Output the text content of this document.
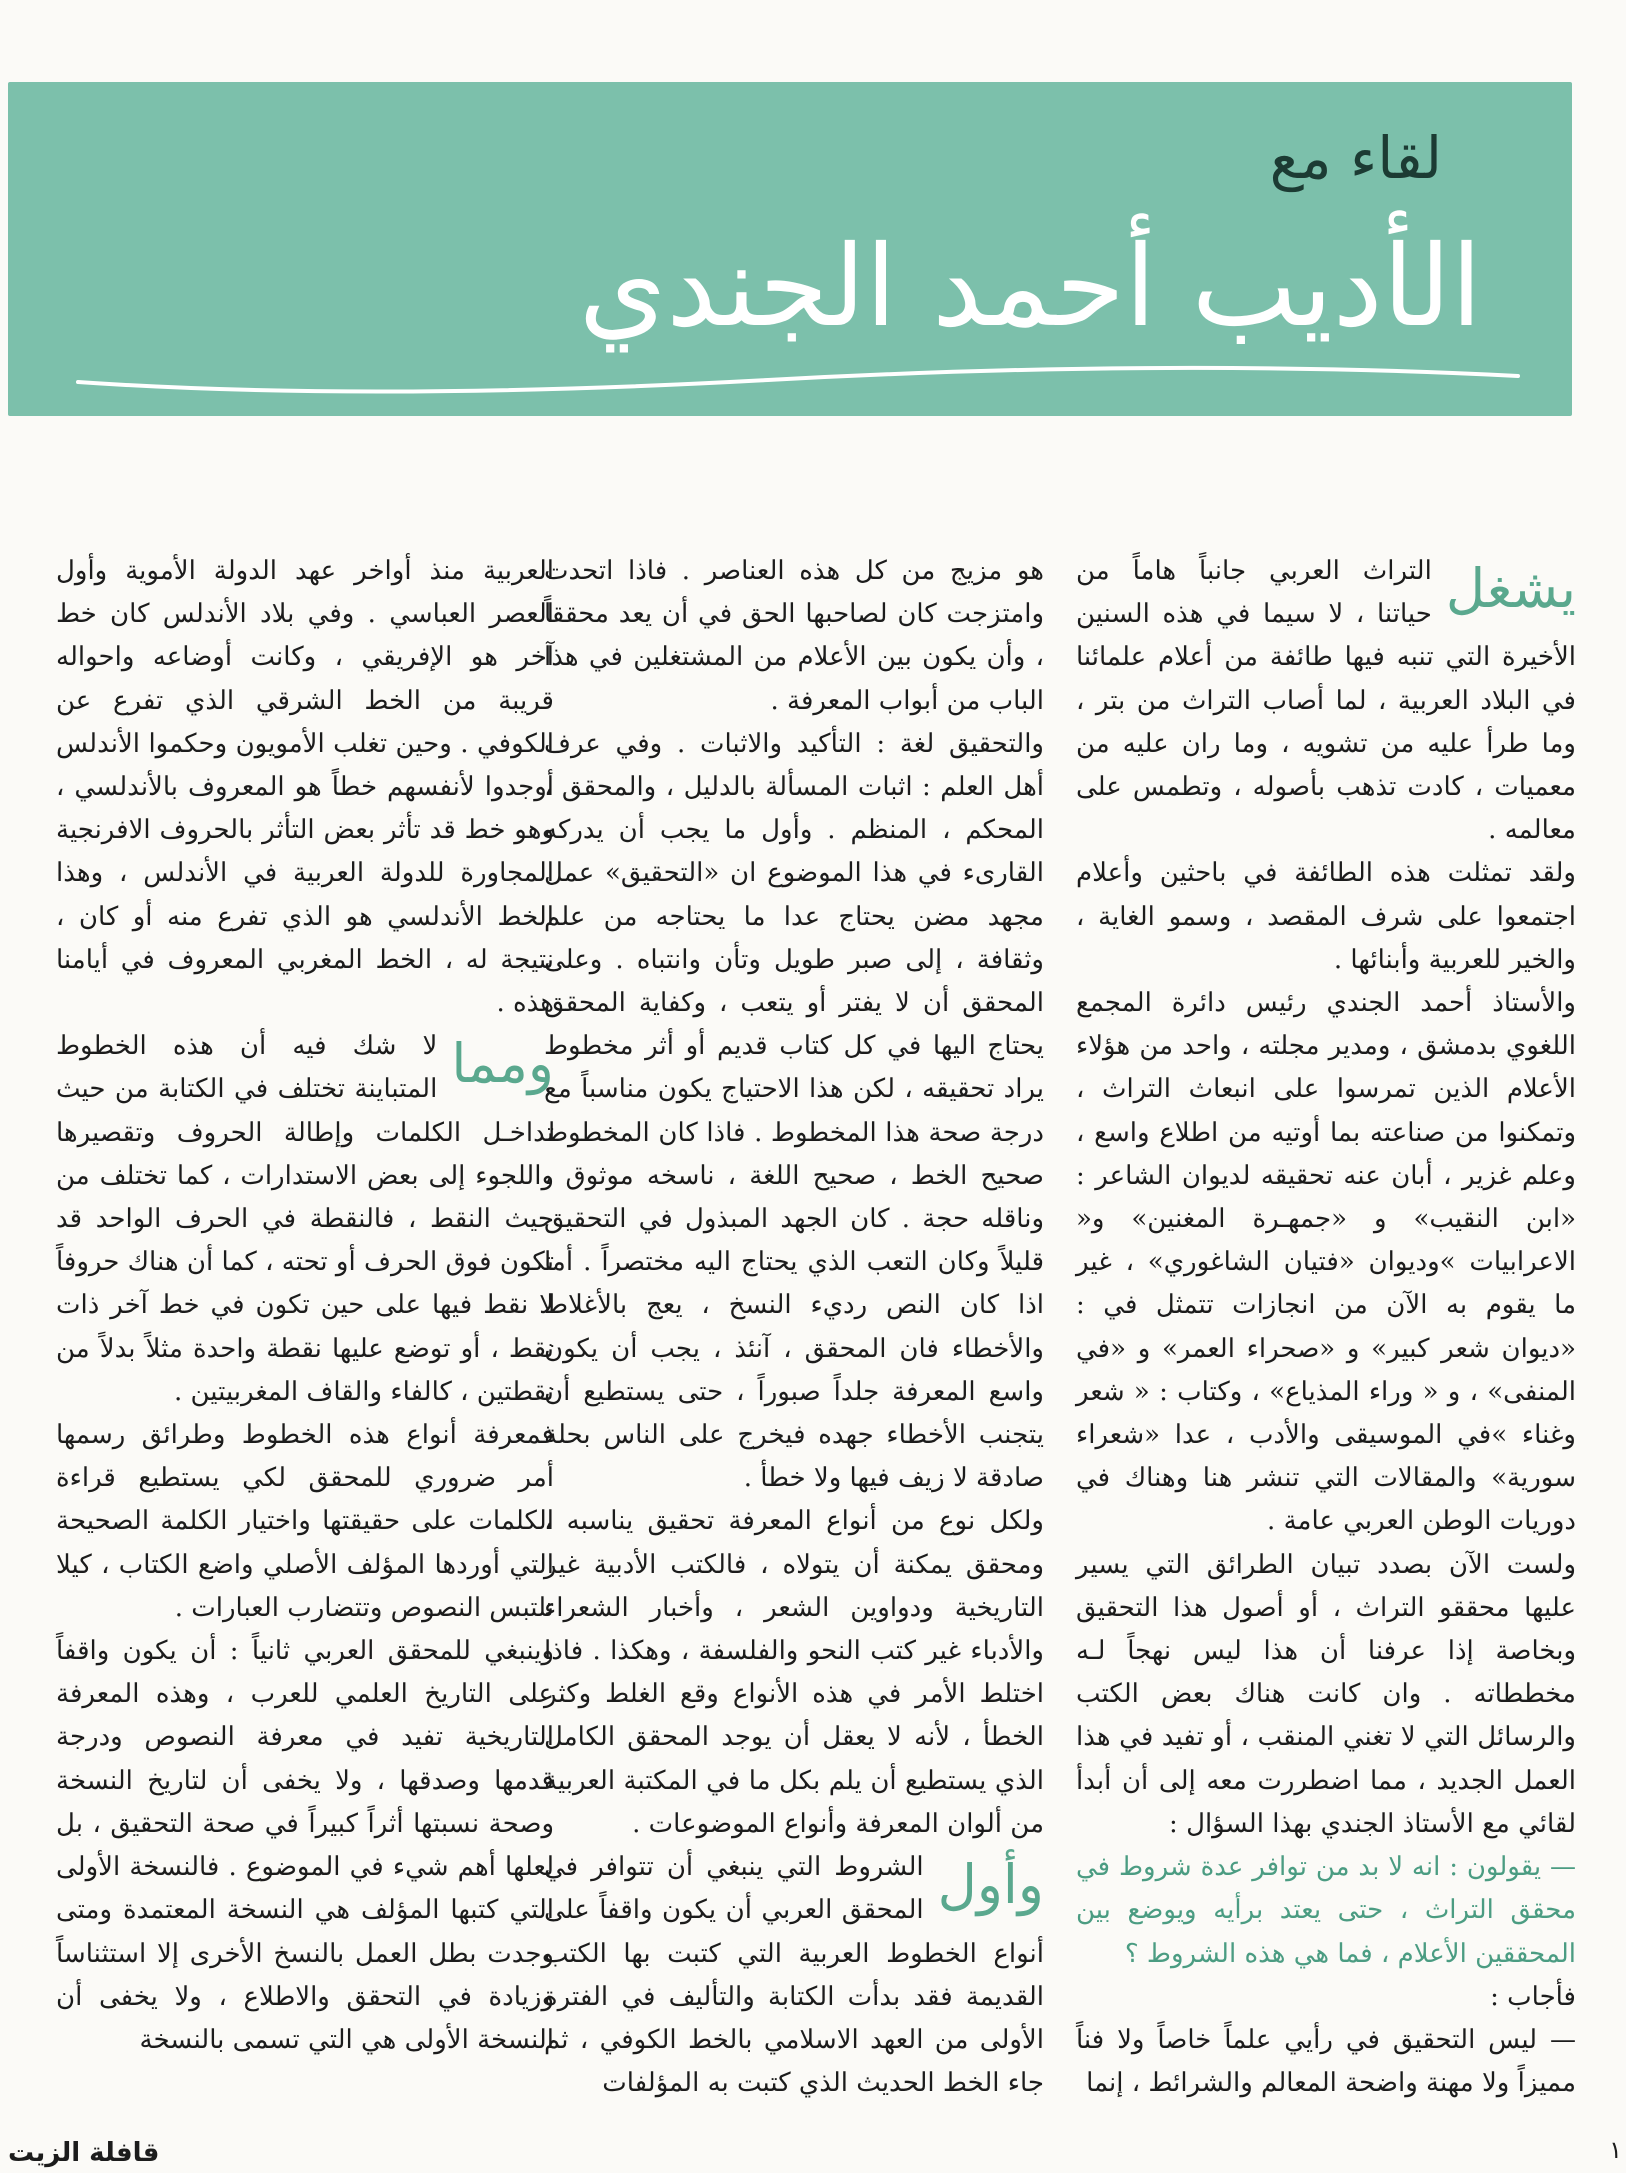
لقاء مع
الأديب أحمد الجندي
يشغل

التراث العربي جانباً هاماً من حياتنا ، لا سيما في هذه السنين الأخيرة التي تنبه فيها طائفة من أعلام علمائنا في البلاد العربية ، لما أصاب التراث من بتر ، وما طرأ عليه من تشويه ، وما ران عليه من معميات ، كادت تذهب بأصوله ، وتطمس على معالمه .

ولقد تمثلت هذه الطائفة في باحثين وأعلام اجتمعوا على شرف المقصد ، وسمو الغاية ، والخير للعربية وأبنائها .

والأستاذ أحمد الجندي رئيس دائرة المجمع اللغوي بدمشق ، ومدير مجلته ، واحد من هؤلاء الأعلام الذين تمرسوا على انبعاث التراث ، وتمكنوا من صناعته بما أوتيه من اطلاع واسع ، وعلم غزير ، أبان عنه تحقيقه لديوان الشاعر : «ابن النقيب» و «جمهـرة المغنين» و« الاعرابيات »وديوان «فتيان الشاغوري» ، غير ما يقوم به الآن من انجازات تتمثل في : «ديوان شعر كبير» و «صحراء العمر» و «في المنفى» ، و « وراء المذياع» ، وكتاب : « شعر وغناء »في الموسيقى والأدب ، عدا «شعراء سورية» والمقالات التي تنشر هنا وهناك في دوريات الوطن العربي عامة .

ولست الآن بصدد تبيان الطرائق التي يسير عليها محققو التراث ، أو أصول هذا التحقيق وبخاصة إذا عرفنا أن هذا ليس نهجاً لـه مخططاته . وان كانت هناك بعض الكتب والرسائل التي لا تغني المنقب ، أو تفيد في هذا العمل الجديد ، مما اضطررت معه إلى أن أبدأ لقائي مع الأستاذ الجندي بهذا السؤال :

— يقولون : انه لا بد من توافر عدة شروط في محقق التراث ، حتى يعتد برأيه ويوضع بين المحققين الأعلام ، فما هي هذه الشروط ؟

فأجاب :

— ليس التحقيق في رأيي علماً خاصاً ولا فناً مميزاً ولا مهنة واضحة المعالم والشرائط ، إنما

هو مزيج من كل هذه العناصر . فاذا اتحدت وامتزجت كان لصاحبها الحق في أن يعد محققاً ، وأن يكون بين الأعلام من المشتغلين في هذا الباب من أبواب المعرفة .

والتحقيق لغة : التأكيد والاثبات . وفي عرف أهل العلم : اثبات المسألة بالدليل ، والمحقق ، المحكم ، المنظم . وأول ما يجب أن يدركه القارىء في هذا الموضوع ان «التحقيق» عمل مجهد مضن يحتاج عدا ما يحتاجه من علم وثقافة ، إلى صبر طويل وتأن وانتباه . وعلى المحقق أن لا يفتر أو يتعب ، وكفاية المحقق يحتاج اليها في كل كتاب قديم أو أثر مخطوط يراد تحقيقه ، لكن هذا الاحتياج يكون مناسباً مع درجة صحة هذا المخطوط . فاذا كان المخطوط صحيح الخط ، صحيح اللغة ، ناسخه موثوق ، وناقله حجة . كان الجهد المبذول في التحقيق قليلاً وكان التعب الذي يحتاج اليه مختصراً . أما اذا كان النص رديء النسخ ، يعج بالأغلاط والأخطاء فان المحقق ، آنئذ ، يجب أن يكون واسع المعرفة جلداً صبوراً ، حتى يستطيع أن يتجنب الأخطاء جهده فيخرج على الناس بحلة صادقة لا زيف فيها ولا خطأ .

ولكل نوع من أنواع المعرفة تحقيق يناسبه ، ومحقق يمكنة أن يتولاه ، فالكتب الأدبية غير التاريخية ودواوين الشعر ، وأخبار الشعراء والأدباء غير كتب النحو والفلسفة ، وهكذا . فاذا اختلط الأمر في هذه الأنواع وقع الغلط وكثر الخطأ ، لأنه لا يعقل أن يوجد المحقق الكامل الذي يستطيع أن يلم بكل ما في المكتبة العربية من ألوان المعرفة وأنواع الموضوعات .

وأول

الشروط التي ينبغي أن تتوافر في المحقق العربي أن يكون واقفاً على أنواع الخطوط العربية التي كتبت بها الكتب القديمة فقد بدأت الكتابة والتأليف في الفترة الأولى من العهد الاسلامي بالخط الكوفي ، ثم جاء الخط الحديث الذي كتبت به المؤلفات

العربية منذ أواخر عهد الدولة الأموية وأول العصر العباسي . وفي بلاد الأندلس كان خط آخر هو الإفريقي ، وكانت أوضاعه واحواله قريبة من الخط الشرقي الذي تفرع عن الكوفي . وحين تغلب الأمويون وحكموا الأندلس أوجدوا لأنفسهم خطاً هو المعروف بالأندلسي ، وهو خط قد تأثر بعض التأثر بالحروف الافرنجية المجاورة للدولة العربية في الأندلس ، وهذا الخط الأندلسي هو الذي تفرع منه أو كان ، نتيجة له ، الخط المغربي المعروف في أيامنا هذه .

ومما

لا شك فيه أن هذه الخطوط المتباينة تختلف في الكتابة من حيث تداخـل الكلمات وإطالة الحروف وتقصيرها واللجوء إلى بعض الاستدارات ، كما تختلف من حيث النقط ، فالنقطة في الحرف الواحد قد تكون فوق الحرف أو تحته ، كما أن هناك حروفاً لا نقط فيها على حين تكون في خط آخر ذات نقط ، أو توضع عليها نقطة واحدة مثلاً بدلاً من نقطتين ، كالفاء والقاف المغربيتين .

فمعرفة أنواع هذه الخطوط وطرائق رسمها أمر ضروري للمحقق لكي يستطيع قراءة الكلمات على حقيقتها واختيار الكلمة الصحيحة التي أوردها المؤلف الأصلي واضع الكتاب ، كيلا تلتبس النصوص وتتضارب العبارات .

وينبغي للمحقق العربي ثانياً : أن يكون واقفاً على التاريخ العلمي للعرب ، وهذه المعرفة التاريخية تفيد في معرفة النصوص ودرجة قدمها وصدقها ، ولا يخفى أن لتاريخ النسخة وصحة نسبتها أثراً كبيراً في صحة التحقيق ، بل لعلها أهم شيء في الموضوع . فالنسخة الأولى التي كتبها المؤلف هي النسخة المعتمدة ومتى وجدت بطل العمل بالنسخ الأخرى إلا استثناساً وزيادة في التحقق والاطلاع ، ولا يخفى أن النسخة الأولى هي التي تسمى بالنسخة

قافلة الزيت	١
